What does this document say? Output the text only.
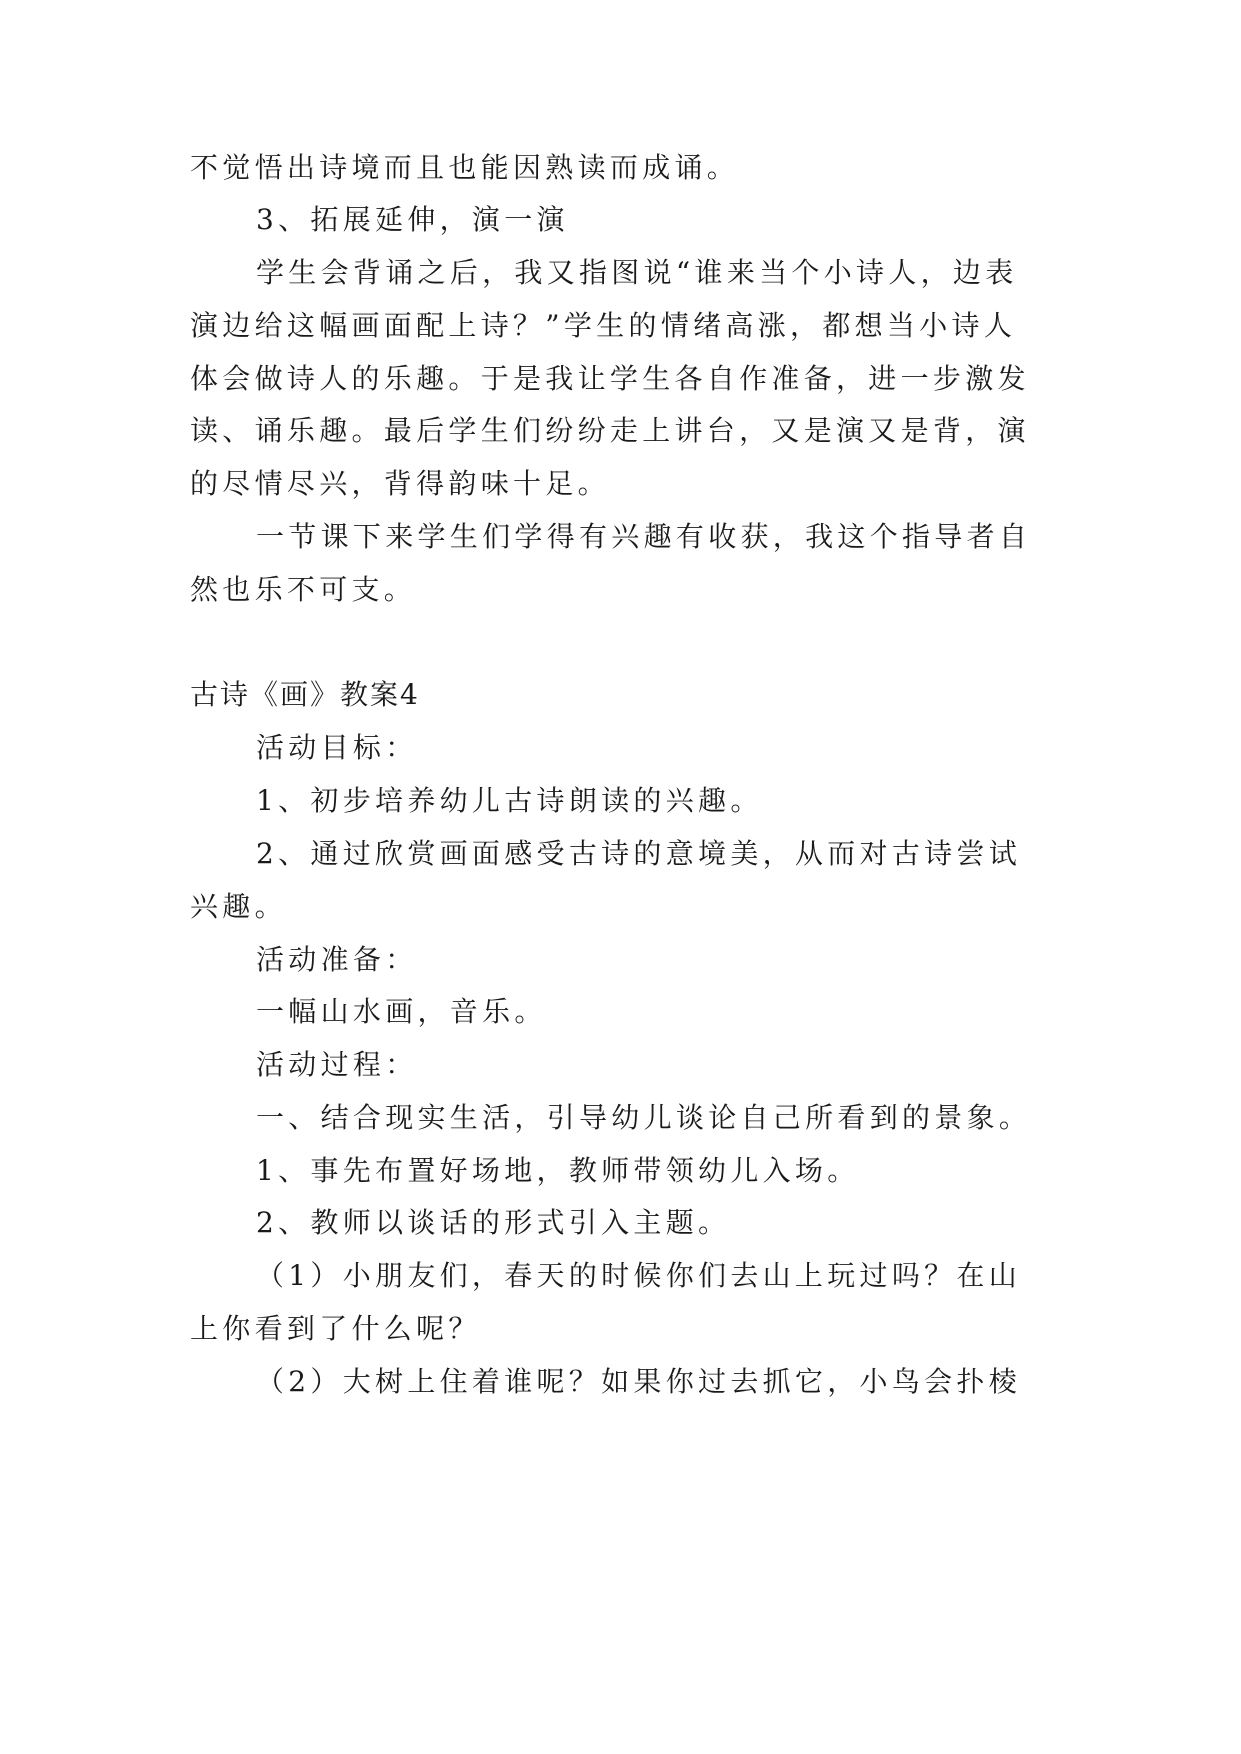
不觉悟出诗境而且也能因熟读而成诵。
3、拓展延伸，演一演
学生会背诵之后，我又指图说“谁来当个小诗人，边表
演边给这幅画面配上诗？”学生的情绪高涨，都想当小诗人
体会做诗人的乐趣。于是我让学生各自作准备，进一步激发
读、诵乐趣。最后学生们纷纷走上讲台，又是演又是背，演
的尽情尽兴，背得韵味十足。
一节课下来学生们学得有兴趣有收获，我这个指导者自
然也乐不可支。
古诗《画》教案4
活动目标：
1、初步培养幼儿古诗朗读的兴趣。
2、通过欣赏画面感受古诗的意境美，从而对古诗尝试
兴趣。
活动准备：
一幅山水画，音乐。
活动过程：
一、结合现实生活，引导幼儿谈论自己所看到的景象。
1、事先布置好场地，教师带领幼儿入场。
2、教师以谈话的形式引入主题。
（1）小朋友们，春天的时候你们去山上玩过吗？在山
上你看到了什么呢？
（2）大树上住着谁呢？如果你过去抓它，小鸟会扑棱
